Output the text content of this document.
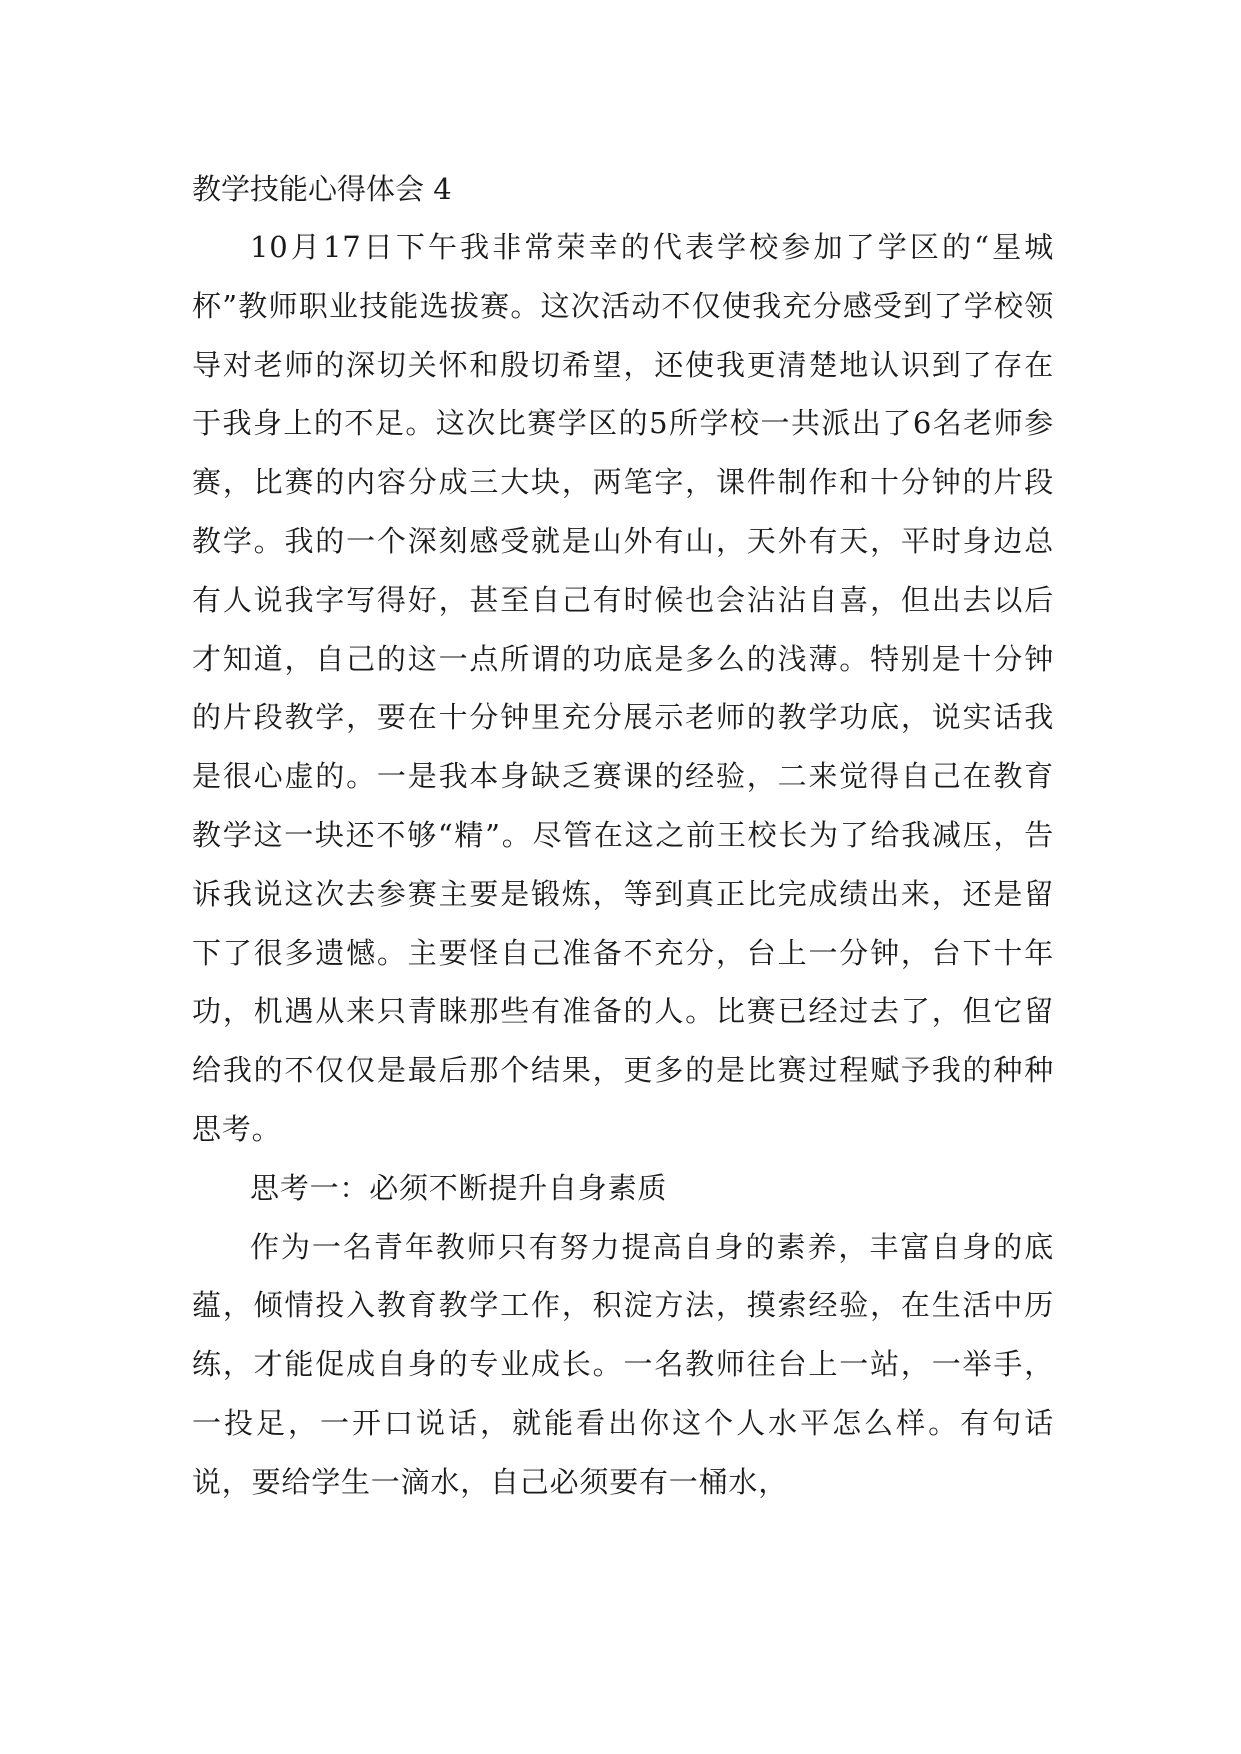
教学技能心得体会 4

10月17日下午我非常荣幸的代表学校参加了学区的“星城杯”教师职业技能选拔赛。这次活动不仅使我充分感受到了学校领导对老师的深切关怀和殷切希望，还使我更清楚地认识到了存在于我身上的不足。这次比赛学区的5所学校一共派出了6名老师参赛，比赛的内容分成三大块，两笔字，课件制作和十分钟的片段教学。我的一个深刻感受就是山外有山，天外有天，平时身边总有人说我字写得好，甚至自己有时候也会沾沾自喜，但出去以后才知道，自己的这一点所谓的功底是多么的浅薄。特别是十分钟的片段教学，要在十分钟里充分展示老师的教学功底，说实话我是很心虚的。一是我本身缺乏赛课的经验，二来觉得自己在教育教学这一块还不够“精”。尽管在这之前王校长为了给我减压，告诉我说这次去参赛主要是锻炼，等到真正比完成绩出来，还是留下了很多遗憾。主要怪自己准备不充分，台上一分钟，台下十年功，机遇从来只青睐那些有准备的人。比赛已经过去了，但它留给我的不仅仅是最后那个结果，更多的是比赛过程赋予我的种种思考。

思考一：必须不断提升自身素质

作为一名青年教师只有努力提高自身的素养，丰富自身的底蕴，倾情投入教育教学工作，积淀方法，摸索经验，在生活中历练，才能促成自身的专业成长。一名教师往台上一站，一举手，一投足，一开口说话，就能看出你这个人水平怎么样。有句话说，要给学生一滴水，自己必须要有一桶水，
